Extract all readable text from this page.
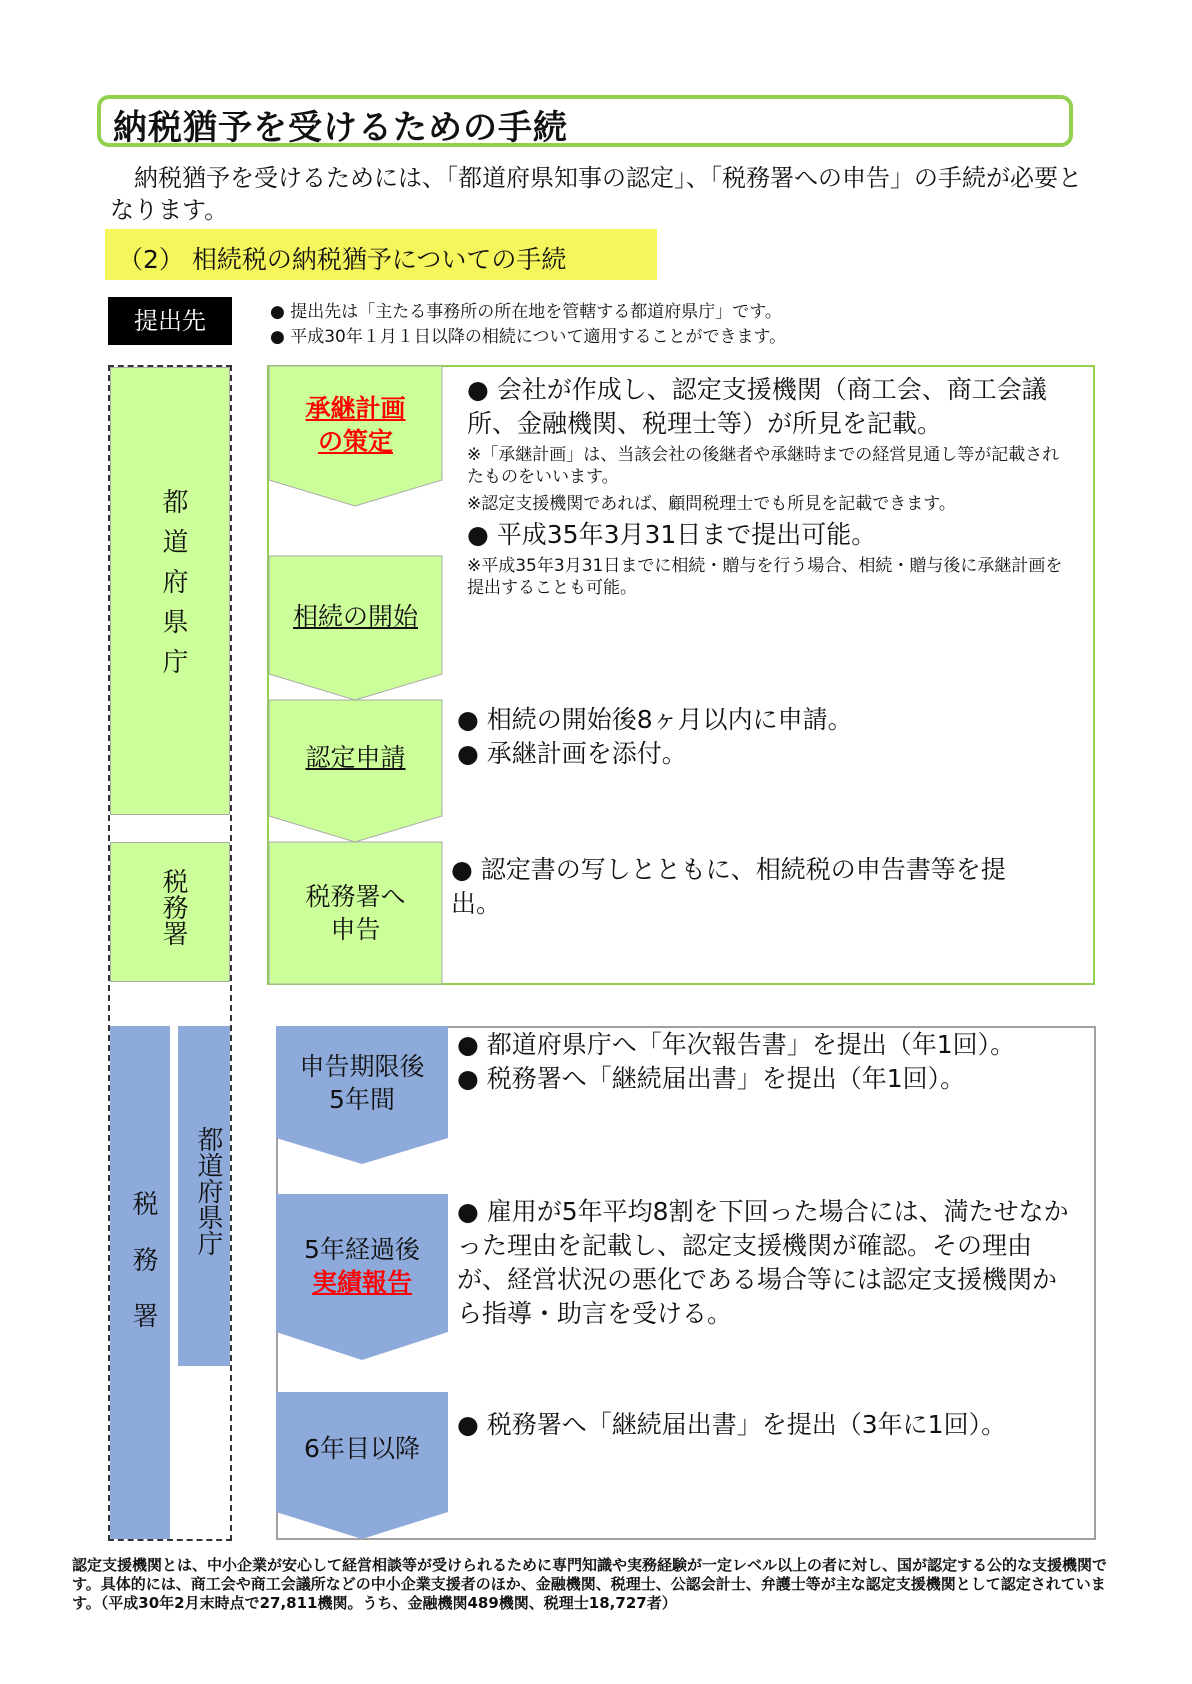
納税猶予を受けるための手続
納税猶予を受けるためには、「都道府県知事の認定」、「税務署への申告」の手続が必要となります。
（2） 相続税の納税猶予についての手続
提出先	● 提出先は「主たる事務所の所在地を管轄する都道府県庁」です。
● 平成30年１月１日以降の相続について適用することができます。
都道府県庁
税務署
税務署 都道府県庁
承継計画
の策定
相続の開始
認定申請
税務署へ
申告
申告期限後
5年間
5年経過後
実績報告
6年目以降
● 会社が作成し、認定支援機関（商工会、商工会議所、金融機関、税理士等）が所見を記載。
※「承継計画」は、当該会社の後継者や承継時までの経営見通し等が記載されたものをいいます。
※認定支援機関であれば、顧問税理士でも所見を記載できます。
● 平成35年3月31日まで提出可能。
※平成35年3月31日までに相続・贈与を行う場合、相続・贈与後に承継計画を提出することも可能。
● 相続の開始後8ヶ月以内に申請。
● 承継計画を添付。
● 認定書の写しとともに、相続税の申告書等を提出。
● 都道府県庁へ「年次報告書」を提出（年1回）。
● 税務署へ「継続届出書」を提出（年1回）。
● 雇用が5年平均8割を下回った場合には、満たせなかった理由を記載し、認定支援機関が確認。その理由が、経営状況の悪化である場合等には認定支援機関から指導・助言を受ける。
● 税務署へ「継続届出書」を提出（3年に1回）。
認定支援機関とは、中小企業が安心して経営相談等が受けられるために専門知識や実務経験が一定レベル以上の者に対し、国が認定する公的な支援機関です。具体的には、商工会や商工会議所などの中小企業支援者のほか、金融機関、税理士、公認会計士、弁護士等が主な認定支援機関として認定されています。（平成30年2月末時点で27,811機関。うち、金融機関489機関、税理士18,727者）
